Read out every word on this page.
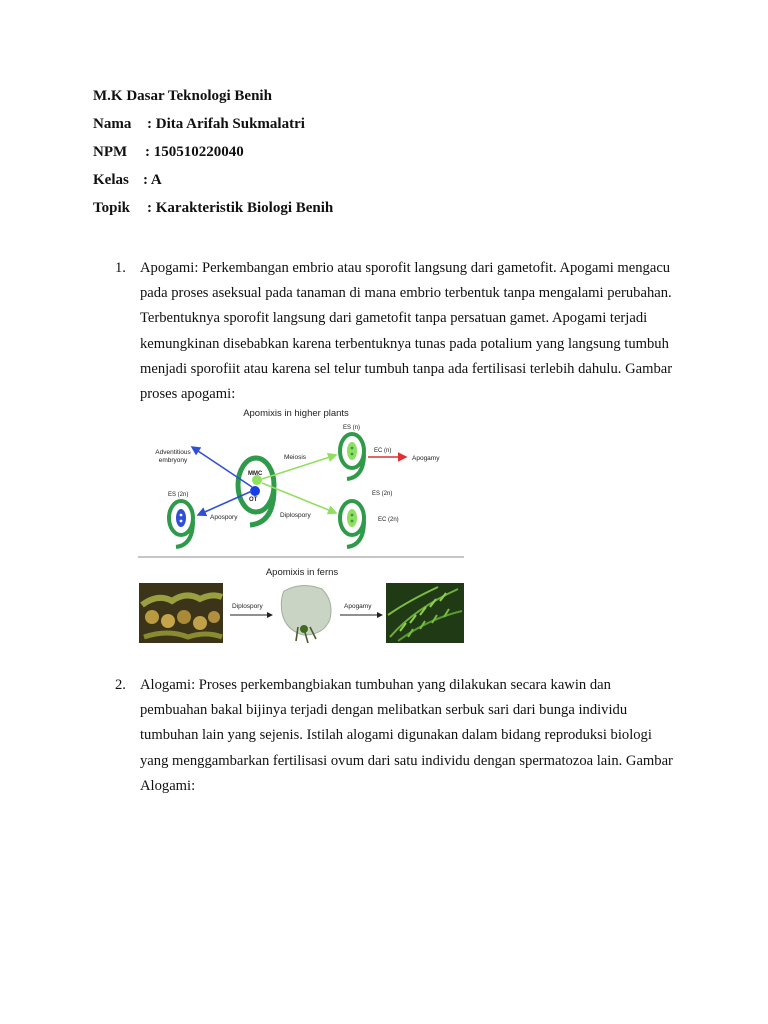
M.K Dasar Teknologi Benih
Nama : Dita Arifah Sukmalatri
NPM : 150510220040
Kelas : A
Topik : Karakteristik Biologi Benih
1. Apogami: Perkembangan embrio atau sporofit langsung dari gametofit. Apogami mengacu pada proses aseksual pada tanaman di mana embrio terbentuk tanpa mengalami perubahan. Terbentuknya sporofit langsung dari gametofit tanpa persatuan gamet. Apogami terjadi kemungkinan disebabkan karena terbentuknya tunas pada potalium yang langsung tumbuh menjadi sporofiit atau karena sel telur tumbuh tanpa ada fertilisasi terlebih dahulu. Gambar proses apogami:
Apomixis in higher plants
MMC
OT
ES (2n)
ES (n)
ES (2n)
EC (2n)
Adventitious
embryony	Meiosis
EC (n)
Apogamy
Apospory	Diplospory
Apomixis in ferns
Diplospory	Apogamy
2. Alogami: Proses perkembangbiakan tumbuhan yang dilakukan secara kawin dan pembuahan bakal bijinya terjadi dengan melibatkan serbuk sari dari bunga individu tumbuhan lain yang sejenis. Istilah alogami digunakan dalam bidang reproduksi biologi yang menggambarkan fertilisasi ovum dari satu individu dengan spermatozoa lain. Gambar Alogami:
